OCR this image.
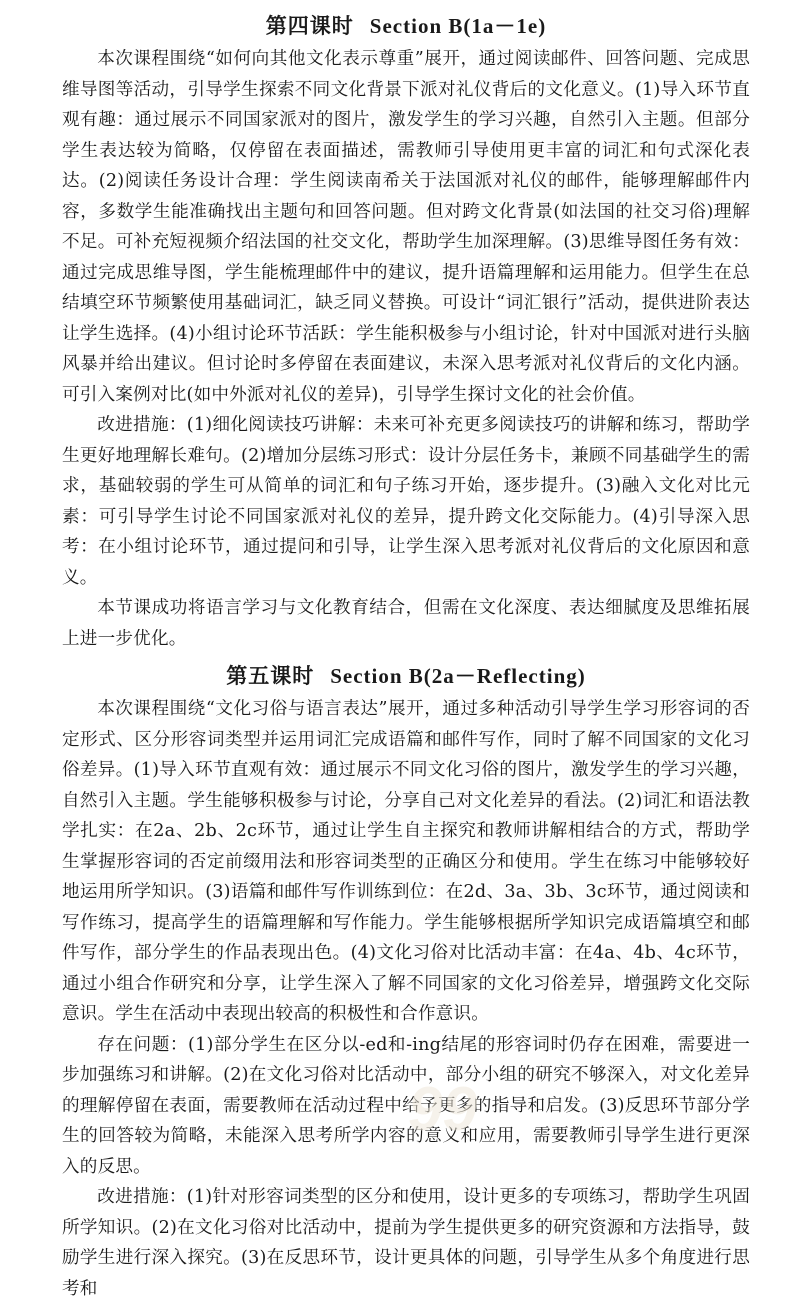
第四课时 Section B(1a－1e)

本次课程围绕“如何向其他文化表示尊重”展开，通过阅读邮件、回答问题、完成思维导图等活动，引导学生探索不同文化背景下派对礼仪背后的文化意义。(1)导入环节直观有趣：通过展示不同国家派对的图片，激发学生的学习兴趣，自然引入主题。但部分学生表达较为简略，仅停留在表面描述，需教师引导使用更丰富的词汇和句式深化表达。(2)阅读任务设计合理：学生阅读南希关于法国派对礼仪的邮件，能够理解邮件内容，多数学生能准确找出主题句和回答问题。但对跨文化背景(如法国的社交习俗)理解不足。可补充短视频介绍法国的社交文化，帮助学生加深理解。(3)思维导图任务有效：通过完成思维导图，学生能梳理邮件中的建议，提升语篇理解和运用能力。但学生在总结填空环节频繁使用基础词汇，缺乏同义替换。可设计“词汇银行”活动，提供进阶表达让学生选择。(4)小组讨论环节活跃：学生能积极参与小组讨论，针对中国派对进行头脑风暴并给出建议。但讨论时多停留在表面建议，未深入思考派对礼仪背后的文化内涵。可引入案例对比(如中外派对礼仪的差异)，引导学生探讨文化的社会价值。

改进措施：(1)细化阅读技巧讲解：未来可补充更多阅读技巧的讲解和练习，帮助学生更好地理解长难句。(2)增加分层练习形式：设计分层任务卡，兼顾不同基础学生的需求，基础较弱的学生可从简单的词汇和句子练习开始，逐步提升。(3)融入文化对比元素：可引导学生讨论不同国家派对礼仪的差异，提升跨文化交际能力。(4)引导深入思考：在小组讨论环节，通过提问和引导，让学生深入思考派对礼仪背后的文化原因和意义。

本节课成功将语言学习与文化教育结合，但需在文化深度、表达细腻度及思维拓展上进一步优化。

第五课时 Section B(2a－Reflecting)

本次课程围绕“文化习俗与语言表达”展开，通过多种活动引导学生学习形容词的否定形式、区分形容词类型并运用词汇完成语篇和邮件写作，同时了解不同国家的文化习俗差异。(1)导入环节直观有效：通过展示不同文化习俗的图片，激发学生的学习兴趣，自然引入主题。学生能够积极参与讨论，分享自己对文化差异的看法。(2)词汇和语法教学扎实：在2a、2b、2c环节，通过让学生自主探究和教师讲解相结合的方式，帮助学生掌握形容词的否定前缀用法和形容词类型的正确区分和使用。学生在练习中能够较好地运用所学知识。(3)语篇和邮件写作训练到位：在2d、3a、3b、3c环节，通过阅读和写作练习，提高学生的语篇理解和写作能力。学生能够根据所学知识完成语篇填空和邮件写作，部分学生的作品表现出色。(4)文化习俗对比活动丰富：在4a、4b、4c环节，通过小组合作研究和分享，让学生深入了解不同国家的文化习俗差异，增强跨文化交际意识。学生在活动中表现出较高的积极性和合作意识。

存在问题：(1)部分学生在区分以-ed和-ing结尾的形容词时仍存在困难，需要进一步加强练习和讲解。(2)在文化习俗对比活动中，部分小组的研究不够深入，对文化差异的理解停留在表面，需要教师在活动过程中给予更多的指导和启发。(3)反思环节部分学生的回答较为简略，未能深入思考所学内容的意义和应用，需要教师引导学生进行更深入的反思。

改进措施：(1)针对形容词类型的区分和使用，设计更多的专项练习，帮助学生巩固所学知识。(2)在文化习俗对比活动中，提前为学生提供更多的研究资源和方法指导，鼓励学生进行深入探究。(3)在反思环节，设计更具体的问题，引导学生从多个角度进行思考和

99
